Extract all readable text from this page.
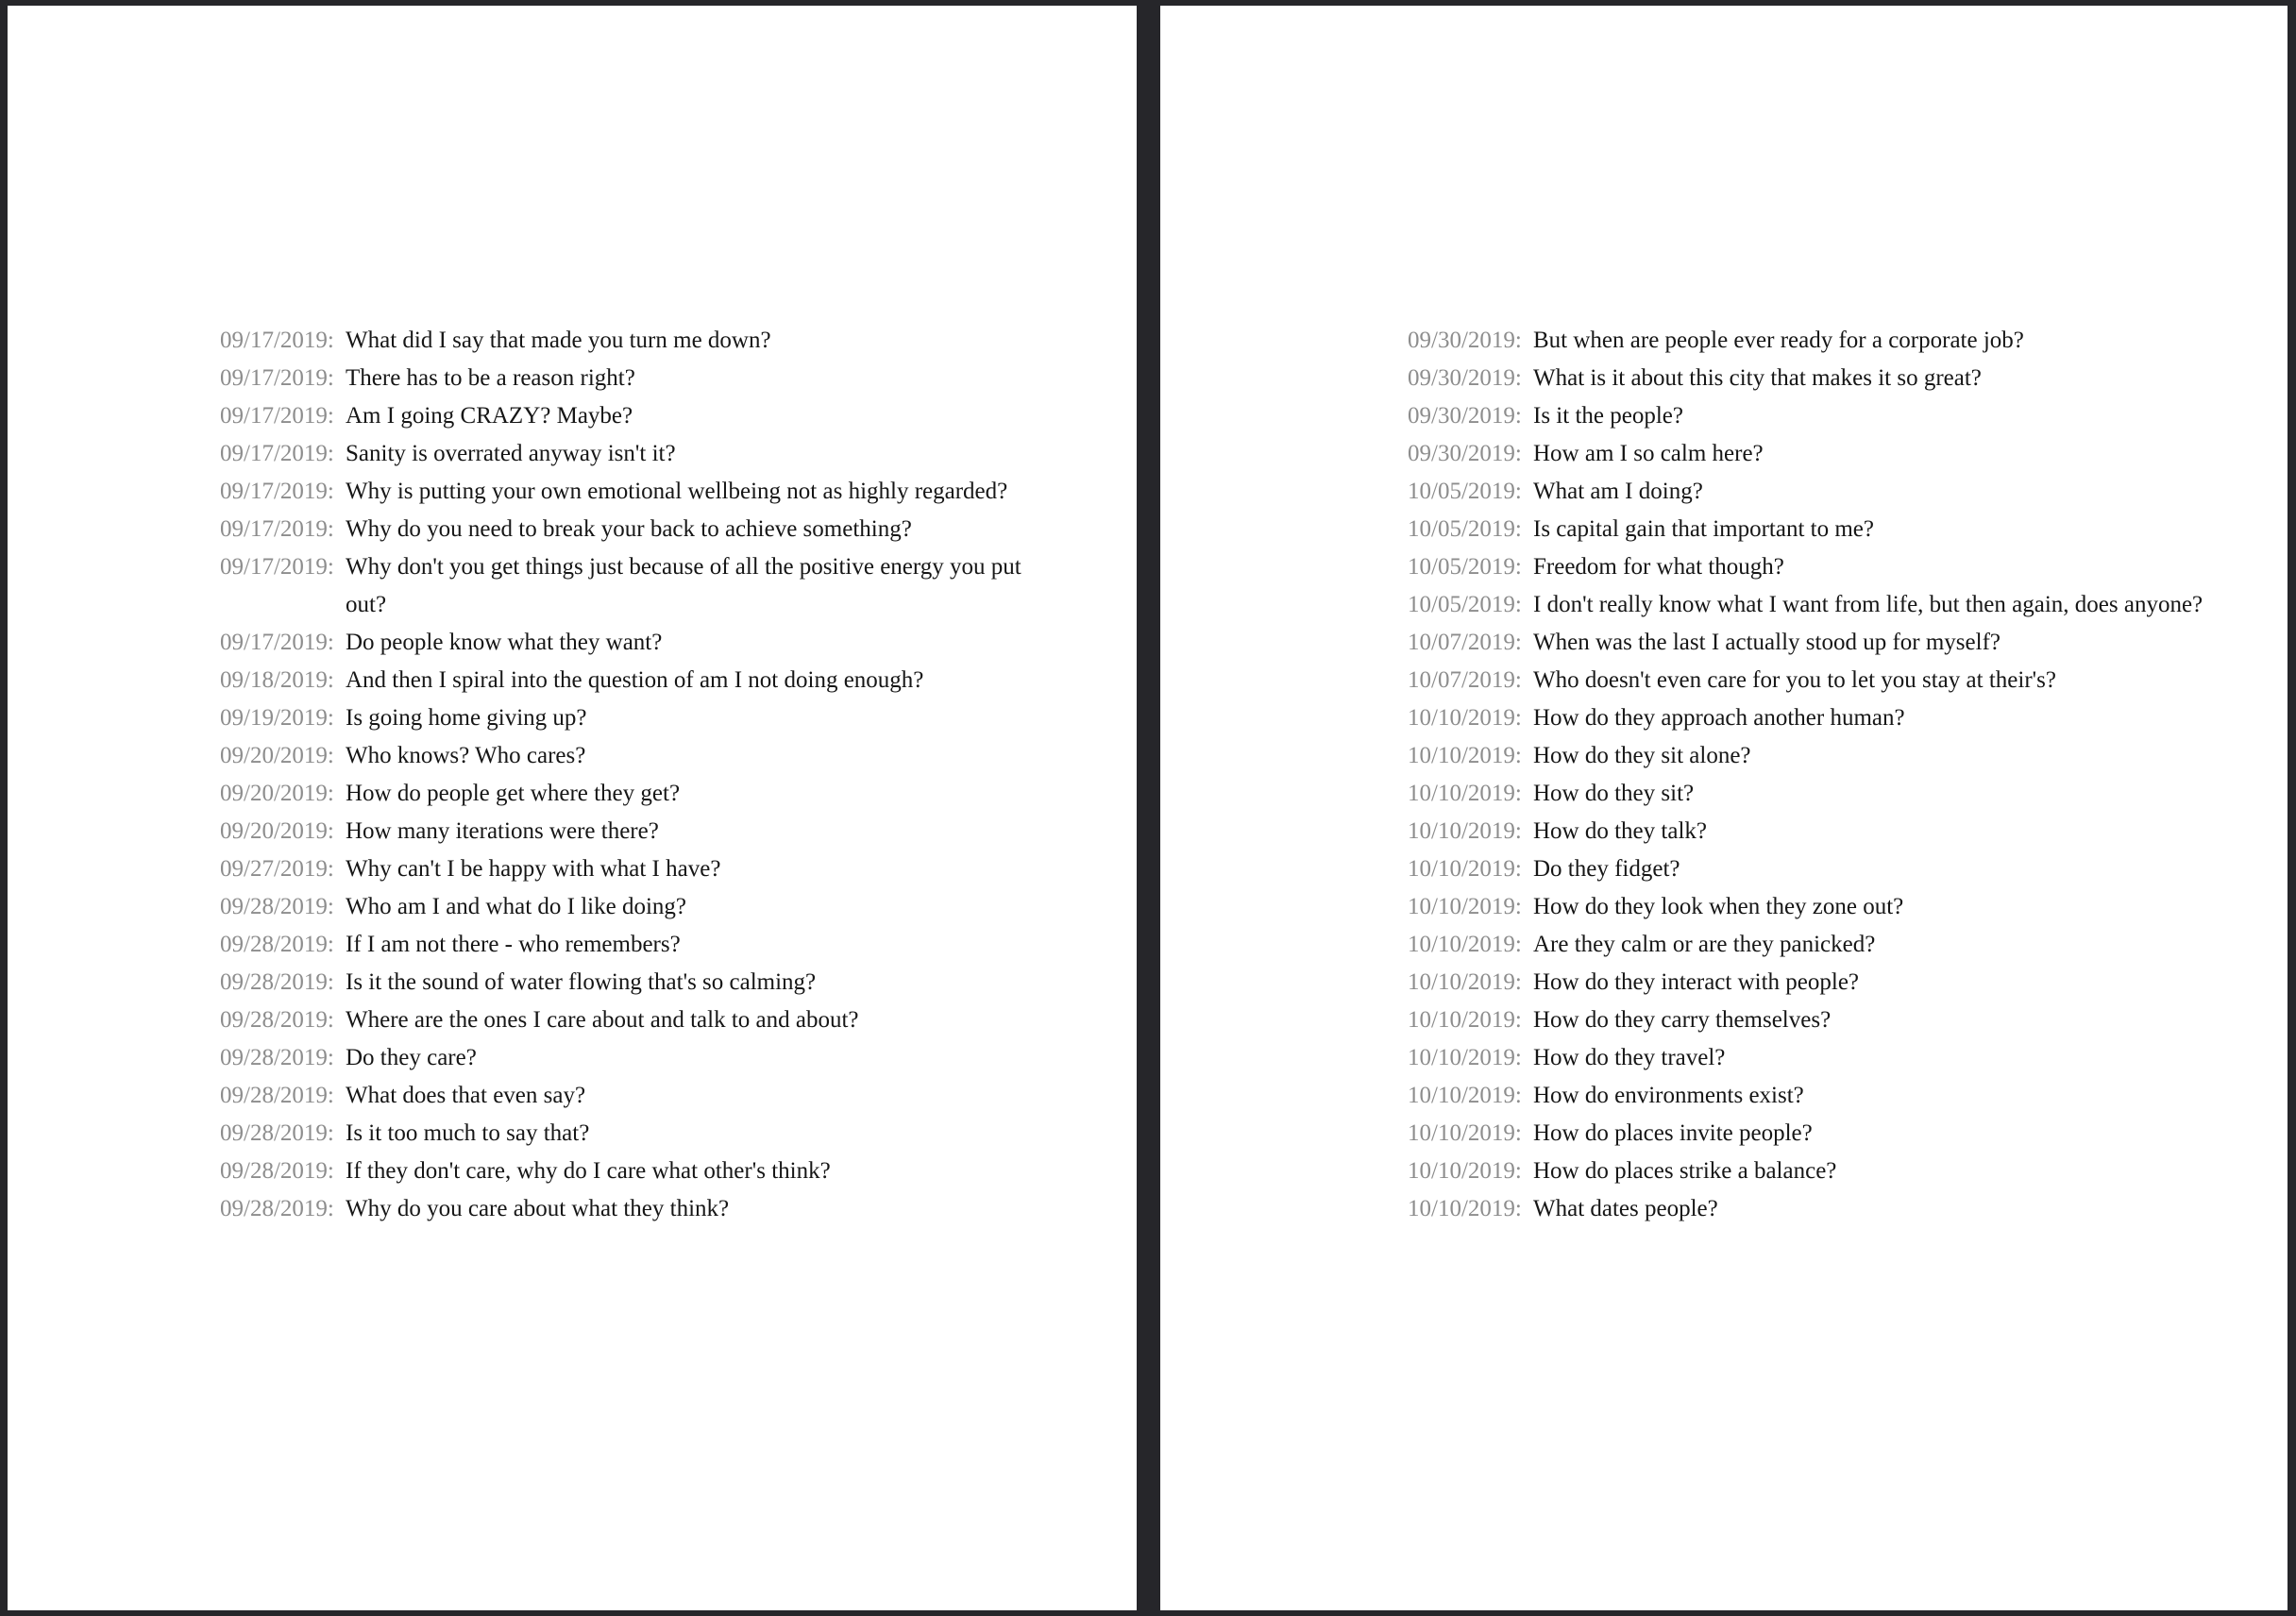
09/17/2019: What did I say that made you turn me down?
09/17/2019: There has to be a reason right?
09/17/2019: Am I going CRAZY? Maybe?
09/17/2019: Sanity is overrated anyway isn't it?
09/17/2019: Why is putting your own emotional wellbeing not as highly regarded?
09/17/2019: Why do you need to break your back to achieve something?
09/17/2019: Why don't you get things just because of all the positive energy you put out?
09/17/2019: Do people know what they want?
09/18/2019: And then I spiral into the question of am I not doing enough?
09/19/2019: Is going home giving up?
09/20/2019: Who knows? Who cares?
09/20/2019: How do people get where they get?
09/20/2019: How many iterations were there?
09/27/2019: Why can't I be happy with what I have?
09/28/2019: Who am I and what do I like doing?
09/28/2019: If I am not there - who remembers?
09/28/2019: Is it the sound of water flowing that's so calming?
09/28/2019: Where are the ones I care about and talk to and about?
09/28/2019: Do they care?
09/28/2019: What does that even say?
09/28/2019: Is it too much to say that?
09/28/2019: If they don't care, why do I care what other's think?
09/28/2019: Why do you care about what they think?
09/30/2019: But when are people ever ready for a corporate job?
09/30/2019: What is it about this city that makes it so great?
09/30/2019: Is it the people?
09/30/2019: How am I so calm here?
10/05/2019: What am I doing?
10/05/2019: Is capital gain that important to me?
10/05/2019: Freedom for what though?
10/05/2019: I don't really know what I want from life, but then again, does anyone?
10/07/2019: When was the last I actually stood up for myself?
10/07/2019: Who doesn't even care for you to let you stay at their's?
10/10/2019: How do they approach another human?
10/10/2019: How do they sit alone?
10/10/2019: How do they sit?
10/10/2019: How do they talk?
10/10/2019: Do they fidget?
10/10/2019: How do they look when they zone out?
10/10/2019: Are they calm or are they panicked?
10/10/2019: How do they interact with people?
10/10/2019: How do they carry themselves?
10/10/2019: How do they travel?
10/10/2019: How do environments exist?
10/10/2019: How do places invite people?
10/10/2019: How do places strike a balance?
10/10/2019: What dates people?
